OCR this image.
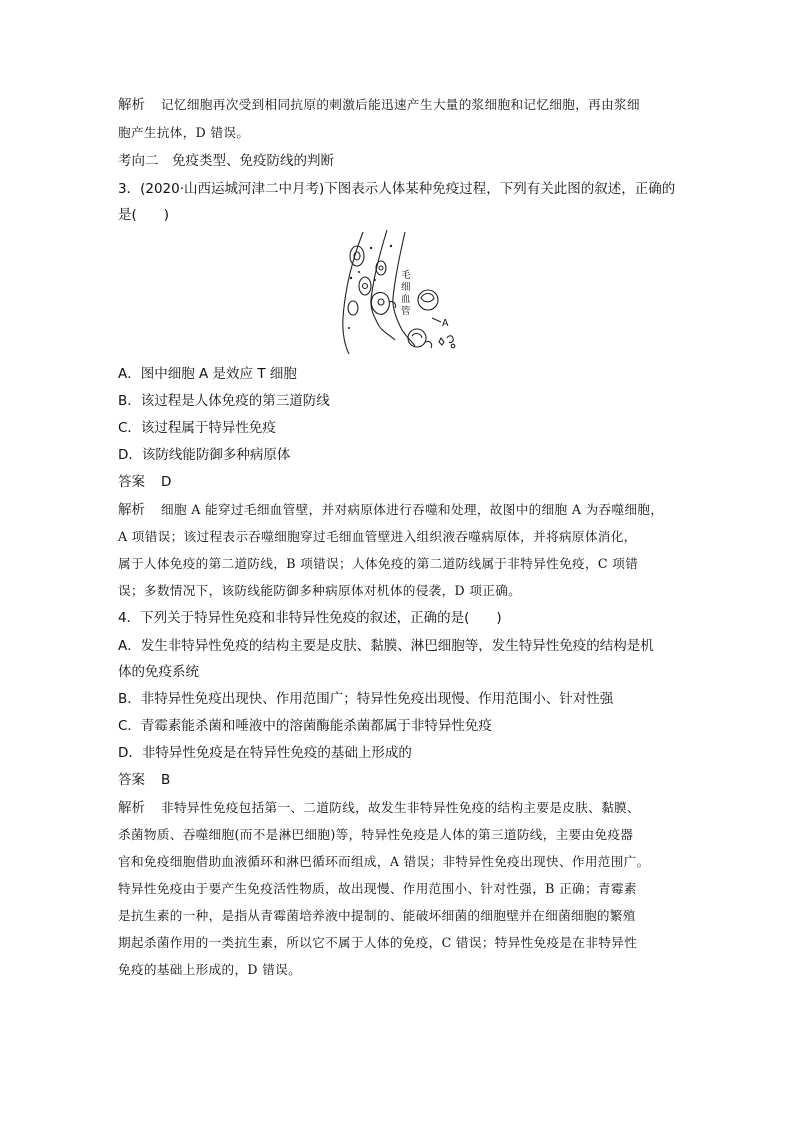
解析 记忆细胞再次受到相同抗原的刺激后能迅速产生大量的浆细胞和记忆细胞，再由浆细
胞产生抗体，D 错误。
考向二　免疫类型、免疫防线的判断
3．(2020·山西运城河津二中月考)下图表示人体某种免疫过程，下列有关此图的叙述，正确的
是(　　)
毛
细
血
管
A
A．图中细胞 A 是效应 T 细胞
B．该过程是人体免疫的第三道防线
C．该过程属于特异性免疫
D．该防线能防御多种病原体
答案 D
解析 细胞 A 能穿过毛细血管壁，并对病原体进行吞噬和处理，故图中的细胞 A 为吞噬细胞，
A 项错误；该过程表示吞噬细胞穿过毛细血管壁进入组织液吞噬病原体，并将病原体消化，
属于人体免疫的第二道防线，B 项错误；人体免疫的第二道防线属于非特异性免疫，C 项错
误；多数情况下，该防线能防御多种病原体对机体的侵袭，D 项正确。
4．下列关于特异性免疫和非特异性免疫的叙述，正确的是(　　)
A．发生非特异性免疫的结构主要是皮肤、黏膜、淋巴细胞等，发生特异性免疫的结构是机
体的免疫系统
B．非特异性免疫出现快、作用范围广；特异性免疫出现慢、作用范围小、针对性强
C．青霉素能杀菌和唾液中的溶菌酶能杀菌都属于非特异性免疫
D．非特异性免疫是在特异性免疫的基础上形成的
答案 B
解析 非特异性免疫包括第一、二道防线，故发生非特异性免疫的结构主要是皮肤、黏膜、
杀菌物质、吞噬细胞(而不是淋巴细胞)等，特异性免疫是人体的第三道防线，主要由免疫器
官和免疫细胞借助血液循环和淋巴循环而组成，A 错误；非特异性免疫出现快、作用范围广。
特异性免疫由于要产生免疫活性物质，故出现慢、作用范围小、针对性强，B 正确；青霉素
是抗生素的一种，是指从青霉菌培养液中提制的、能破坏细菌的细胞壁并在细菌细胞的繁殖
期起杀菌作用的一类抗生素，所以它不属于人体的免疫，C 错误；特异性免疫是在非特异性
免疫的基础上形成的，D 错误。
